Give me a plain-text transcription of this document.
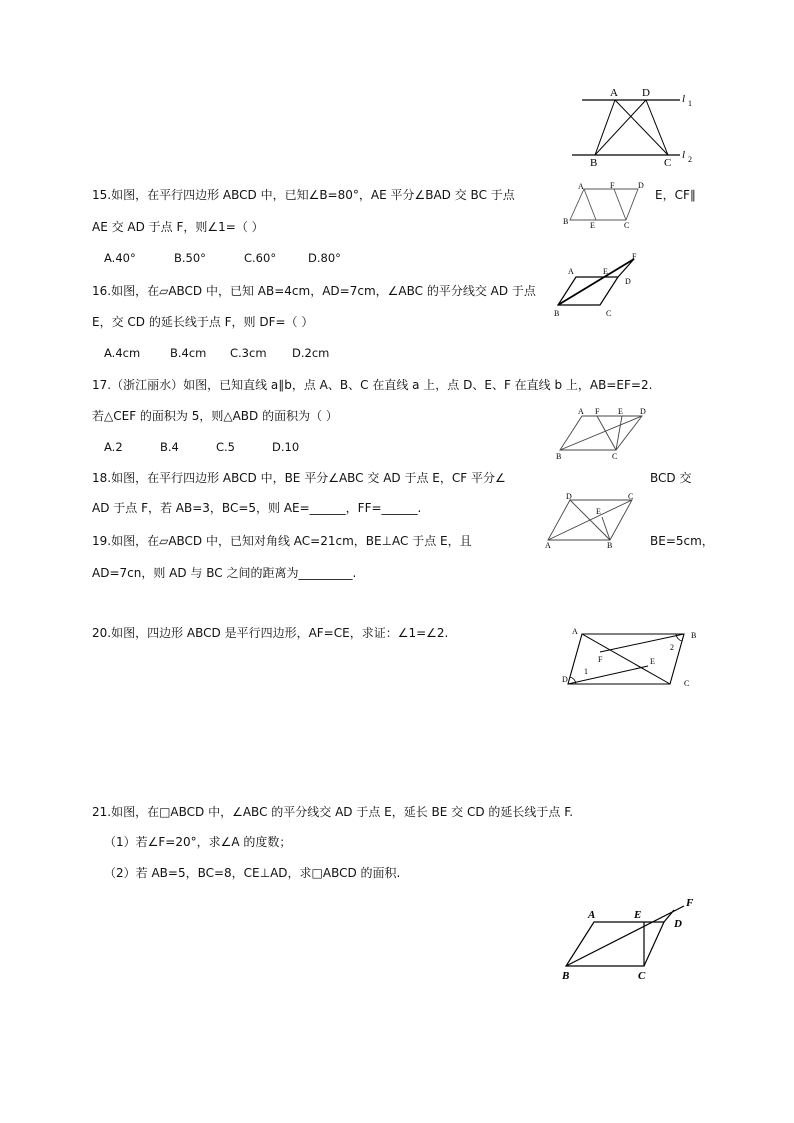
A D
B	C
l 1
l 2
15.如图，在平行四边形 ABCD 中，已知∠B=80°，AE 平分∠BAD 交 BC 于点	E，CF∥
AE 交 AD 于点 F，则∠1=（ ）
A.40°	B.50°	C.60°	D.80°
A	F	D
B	E	C
16.如图，在▱ABCD 中，已知 AB=4cm，AD=7cm，∠ABC 的平分线交 AD 于点
E，交 CD 的延长线于点 F，则 DF=（ ）
A.4cm	B.4cm C.3cm D.2cm
A	E
F
D
B	C
17.（浙江丽水）如图，已知直线 a∥b，点 A、B、C 在直线 a 上，点 D、E、F 在直线 b 上，AB=EF=2.
若△CEF 的面积为 5，则△ABD 的面积为（ ）
A.2	B.4	C.5	D.10
A F E D
B	C
18.如图，在平行四边形 ABCD 中，BE 平分∠ABC 交 AD 于点 E，CF 平分∠	BCD 交
AD 于点 F，若 AB=3，BC=5，则 AE=______，FF=______.
19.如图，在▱ABCD 中，已知对角线 AC=21cm，BE⊥AC 于点 E，且	BE=5cm，
AD=7cn，则 AD 与 BC 之间的距离为_________.
D	C
E
A	B
20.如图，四边形 ABCD 是平行四边形，AF=CE，求证：∠1=∠2.	A	B
C
D
E
F
1
2
21.如图，在□ABCD 中，∠ABC 的平分线交 AD 于点 E，延长 BE 交 CD 的延长线于点 F.
（1）若∠F=20°，求∠A 的度数；
（2）若 AB=5，BC=8，CE⊥AD，求□ABCD 的面积.
A	E
F
D
B	C
